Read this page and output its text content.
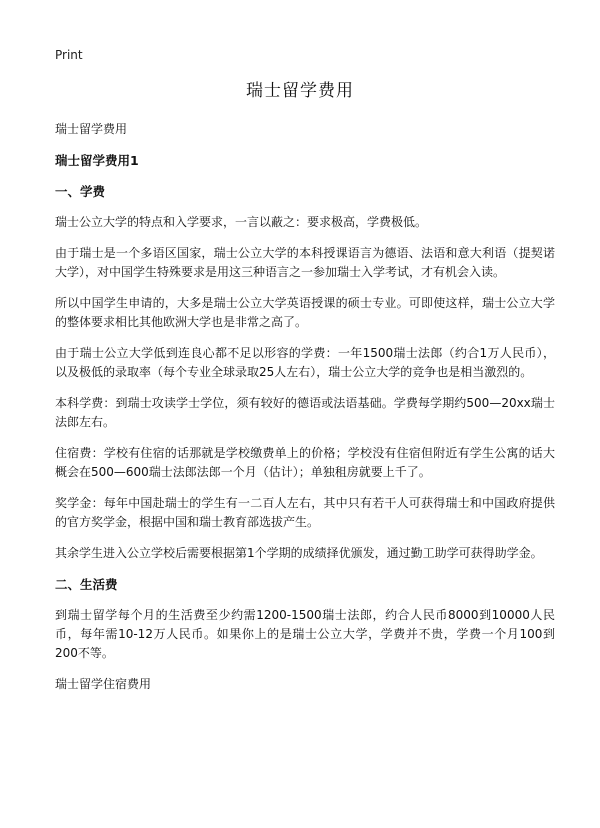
Print
瑞士留学费用
瑞士留学费用
瑞士留学费用1
一、学费
瑞士公立大学的特点和入学要求，一言以蔽之：要求极高，学费极低。
由于瑞士是一个多语区国家，瑞士公立大学的本科授课语言为德语、法语和意大利语（提契诺大学），对中国学生特殊要求是用这三种语言之一参加瑞士入学考试，才有机会入读。
所以中国学生申请的，大多是瑞士公立大学英语授课的硕士专业。可即使这样，瑞士公立大学的整体要求相比其他欧洲大学也是非常之高了。
由于瑞士公立大学低到连良心都不足以形容的学费：一年1500瑞士法郎（约合1万人民币），以及极低的录取率（每个专业全球录取25人左右），瑞士公立大学的竞争也是相当激烈的。
本科学费：到瑞士攻读学士学位，须有较好的德语或法语基础。学费每学期约500—20xx瑞士法郎左右。
住宿费：学校有住宿的话那就是学校缴费单上的价格；学校没有住宿但附近有学生公寓的话大概会在500—600瑞士法郎法郎一个月（估计）；单独租房就要上千了。
奖学金：每年中国赴瑞士的学生有一二百人左右，其中只有若干人可获得瑞士和中国政府提供的官方奖学金，根据中国和瑞士教育部选拔产生。
其余学生进入公立学校后需要根据第1个学期的成绩择优颁发，通过勤工助学可获得助学金。
二、生活费
到瑞士留学每个月的生活费至少约需1200-1500瑞士法郎，约合人民币8000到10000人民币，每年需10-12万人民币。如果你上的是瑞士公立大学，学费并不贵，学费一个月100到200不等。
瑞士留学住宿费用
